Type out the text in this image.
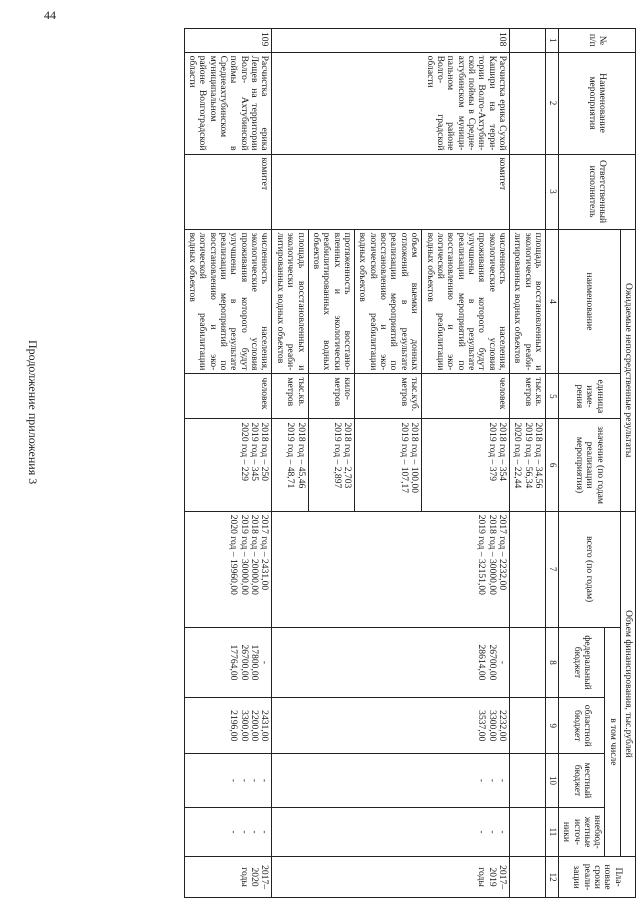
44
Продолжение приложения 3
№ п/п	Наименование мероприятия	Ответственный исполнитель	Ожидаемые непосредственные результаты			Объем финансирования, тыс.рублей					Пла- новые сроки реали- зации
			наименование	единица изме- рения	значение (по годам реализации мероприятия)	всего (по годам)	в том числе				
							федеральный бюджет	областной бюджет	местный бюджет	внебюд- жетные источ- ники	
1	2	3	4	5	6	7	8	9	10	11	12
			площадь восстановленных и экологически реаби- литированных водных объектов	тыс.кв. метров	2018 год – 34,56
2019 год – 56,34
2020 год – 22,44						
108	Расчистка ерика Сухой Кашири на терри- тории Волго-Ахтубин- ской поймы в Средне- ахтубинском муници- пальном районе Волго- градской области	комитет	численность населения, экологические условия проживания которого будут улучшены в результате реализации мероприятий по восстановлению и эко- логической реабилитации водных объектов	человек	2018 год – 354
2019 год – 379	2017 год – 2232,00
2018 год – 30000,00
2019 год – 32151,00	-
26700,00
28614,00	2232,00
3300,00
3537,00	-
-
-	-
-
-	2017–
2019
годы
			объем выемки донных отложений в результате реализации мероприятий по восстановлению и эко- логической реабилитации водных объектов	тыс.куб. метров	2018 год – 100,00
2019 год – 107,17						
			протяженность восстано- вленных и экологически реабилитированных водных объектов	кило- метров	2018 год – 2,703
2019 год – 2,897						
			площадь восстановленных и экологически реаби- литированных водных объектов	тыс.кв. метров	2018 год – 45,46
2019 год – 48,71						
109	Расчистка ерика Лещев на территории Волго- Ахтубинской поймы в Среднеахтубинском муниципальном районе Волгоградской области	комитет	численность населения, экологические условия проживания которого будут улучшены в результате реализации мероприятий по восстановлению и эко- логической реабилитации водных объектов	человек	2018 год – 250
2019 год – 345
2020 год – 229	2017 год – 2431,00
2018 год – 20000,00
2019 год – 30000,00
2020 год – 19960,00	-
17800,00
26700,00
17764,00	2431,00
2200,00
3300,00
2196,00	-
-
-
-	-
-
-
-	2017–
2020
годы
